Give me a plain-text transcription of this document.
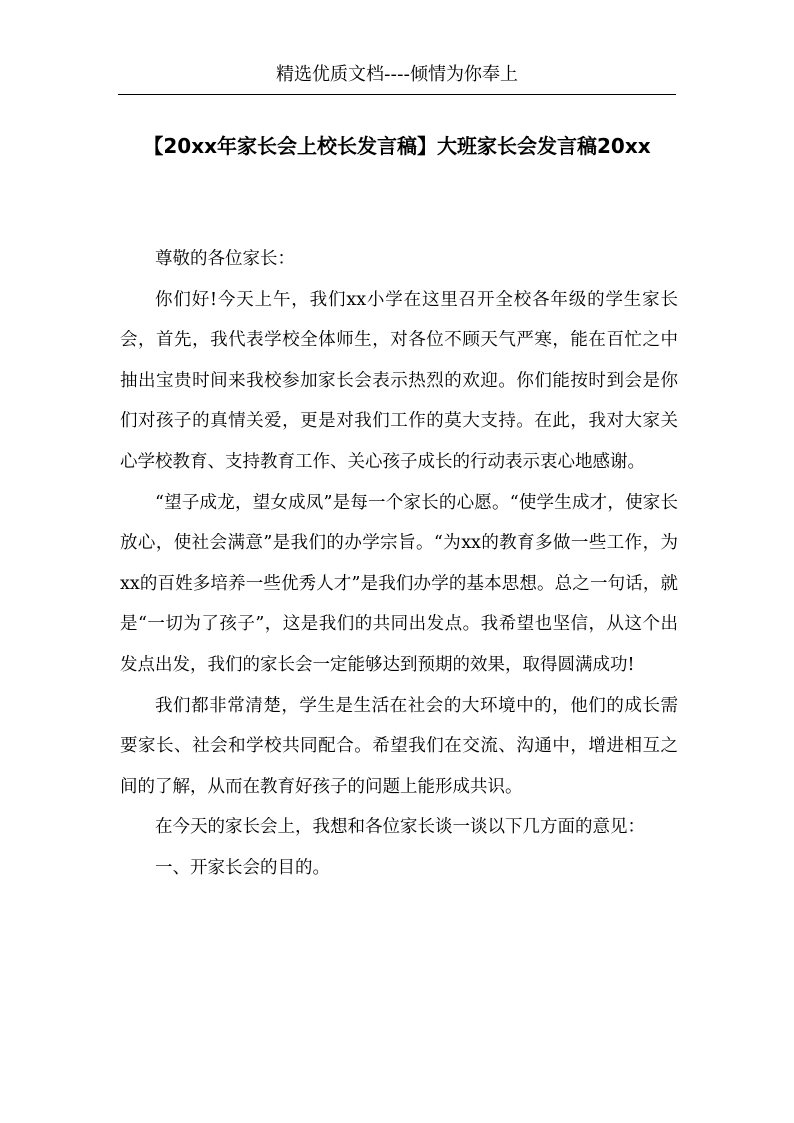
精选优质文档----倾情为你奉上
【20xx年家长会上校长发言稿】大班家长会发言稿20xx

尊敬的各位家长：

你们好!今天上午，我们xx小学在这里召开全校各年级的学生家长会，首先，我代表学校全体师生，对各位不顾天气严寒，能在百忙之中抽出宝贵时间来我校参加家长会表示热烈的欢迎。你们能按时到会是你们对孩子的真情关爱，更是对我们工作的莫大支持。在此，我对大家关心学校教育、支持教育工作、关心孩子成长的行动表示衷心地感谢。

“望子成龙，望女成凤”是每一个家长的心愿。“使学生成才，使家长放心，使社会满意”是我们的办学宗旨。“为xx的教育多做一些工作，为xx的百姓多培养一些优秀人才”是我们办学的基本思想。总之一句话，就是“一切为了孩子”，这是我们的共同出发点。我希望也坚信，从这个出发点出发，我们的家长会一定能够达到预期的效果，取得圆满成功!

我们都非常清楚，学生是生活在社会的大环境中的，他们的成长需要家长、社会和学校共同配合。希望我们在交流、沟通中，增进相互之间的了解，从而在教育好孩子的问题上能形成共识。

在今天的家长会上，我想和各位家长谈一谈以下几方面的意见：

一、开家长会的目的。
